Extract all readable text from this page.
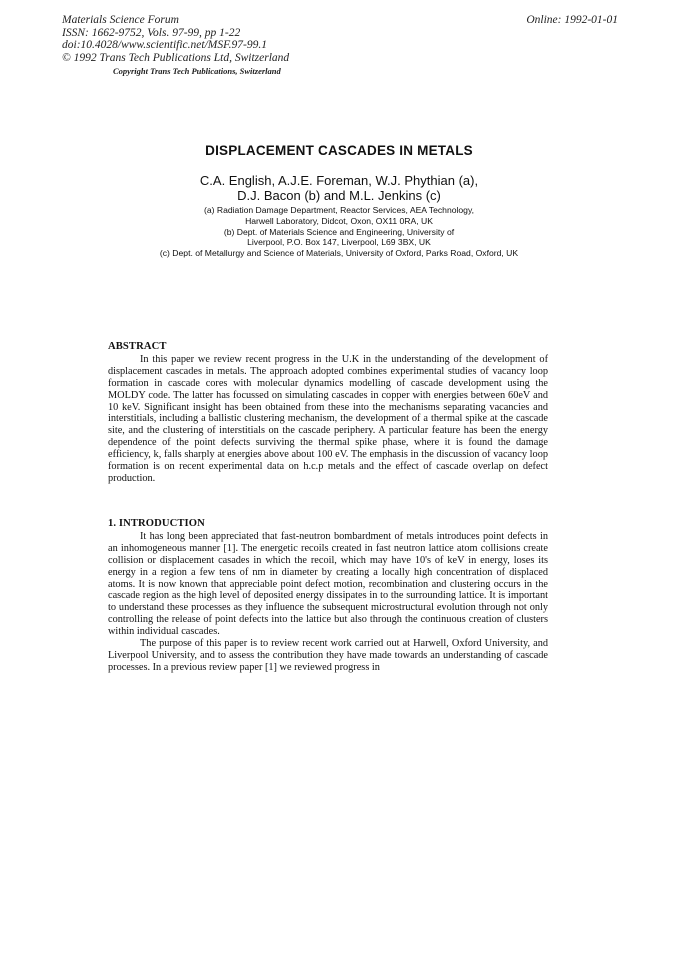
Materials Science Forum
ISSN: 1662-9752, Vols. 97-99, pp 1-22
doi:10.4028/www.scientific.net/MSF.97-99.1
© 1992 Trans Tech Publications Ltd, Switzerland
Online: 1992-01-01
Copyright Trans Tech Publications, Switzerland
DISPLACEMENT CASCADES IN METALS
C.A. English, A.J.E. Foreman, W.J. Phythian (a),
D.J. Bacon (b) and M.L. Jenkins (c)
(a) Radiation Damage Department, Reactor Services, AEA Technology,
Harwell Laboratory, Didcot, Oxon, OX11 0RA, UK
(b) Dept. of Materials Science and Engineering, University of
Liverpool, P.O. Box 147, Liverpool, L69 3BX, UK
(c) Dept. of Metallurgy and Science of Materials, University of Oxford, Parks Road, Oxford, UK
ABSTRACT

In this paper we review recent progress in the U.K in the understanding of the development of displacement cascades in metals. The approach adopted combines experimental studies of vacancy loop formation in cascade cores with molecular dynamics modelling of cascade development using the MOLDY code. The latter has focussed on simulating cascades in copper with energies between 60eV and 10 keV. Significant insight has been obtained from these into the mechanisms separating vacancies and interstitials, including a ballistic clustering mechanism, the development of a thermal spike at the cascade site, and the clustering of interstitials on the cascade periphery. A particular feature has been the energy dependence of the point defects surviving the thermal spike phase, where it is found the damage efficiency, k, falls sharply at energies above about 100 eV. The emphasis in the discussion of vacancy loop formation is on recent experimental data on h.c.p metals and the effect of cascade overlap on defect production.

1. INTRODUCTION

It has long been appreciated that fast-neutron bombardment of metals introduces point defects in an inhomogeneous manner [1]. The energetic recoils created in fast neutron lattice atom collisions create collision or displacement casades in which the recoil, which may have 10's of keV in energy, loses its energy in a region a few tens of nm in diameter by creating a locally high concentration of displaced atoms. It is now known that appreciable point defect motion, recombination and clustering occurs in the cascade region as the high level of deposited energy dissipates in to the surrounding lattice. It is important to understand these processes as they influence the subsequent microstructural evolution through not only controlling the release of point defects into the lattice but also through the continuous creation of clusters within individual cascades.

The purpose of this paper is to review recent work carried out at Harwell, Oxford University, and Liverpool University, and to assess the contribution they have made towards an understanding of cascade processes. In a previous review paper [1] we reviewed progress in
